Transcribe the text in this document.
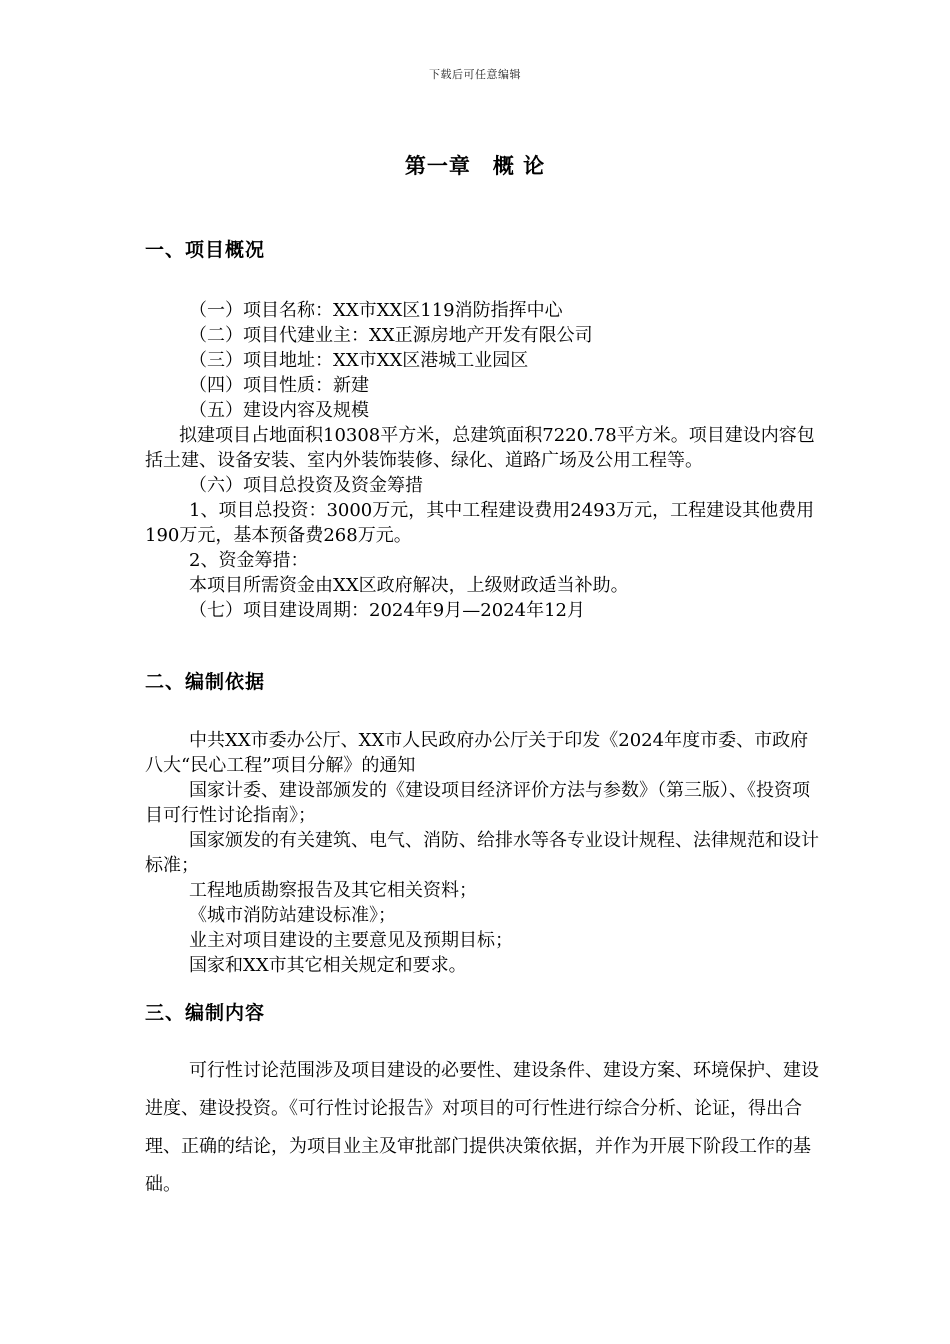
下载后可任意编辑
第一章　概 论
一、项目概况

（一）项目名称：XX市XX区119消防指挥中心

（二）项目代建业主：XX正源房地产开发有限公司

（三）项目地址：XX市XX区港城工业园区

（四）项目性质：新建

（五）建设内容及规模

拟建项目占地面积10308平方米，总建筑面积7220.78平方米。项目建设内容包括土建、设备安装、室内外装饰装修、绿化、道路广场及公用工程等。

（六）项目总投资及资金筹措

1、项目总投资：3000万元，其中工程建设费用2493万元，工程建设其他费用190万元，基本预备费268万元。

2、资金筹措：

本项目所需资金由XX区政府解决，上级财政适当补助。

（七）项目建设周期：2024年9月—2024年12月

二、编制依据

中共XX市委办公厅、XX市人民政府办公厅关于印发《2024年度市委、市政府八大“民心工程”项目分解》的通知

国家计委、建设部颁发的《建设项目经济评价方法与参数》（第三版）、《投资项目可行性讨论指南》；

国家颁发的有关建筑、电气、消防、给排水等各专业设计规程、法律规范和设计标准；

工程地质勘察报告及其它相关资料；

《城市消防站建设标准》；

业主对项目建设的主要意见及预期目标；

国家和XX市其它相关规定和要求。

三、编制内容

可行性讨论范围涉及项目建设的必要性、建设条件、建设方案、环境保护、建设进度、建设投资。《可行性讨论报告》对项目的可行性进行综合分析、论证，得出合理、正确的结论，为项目业主及审批部门提供决策依据，并作为开展下阶段工作的基础。
